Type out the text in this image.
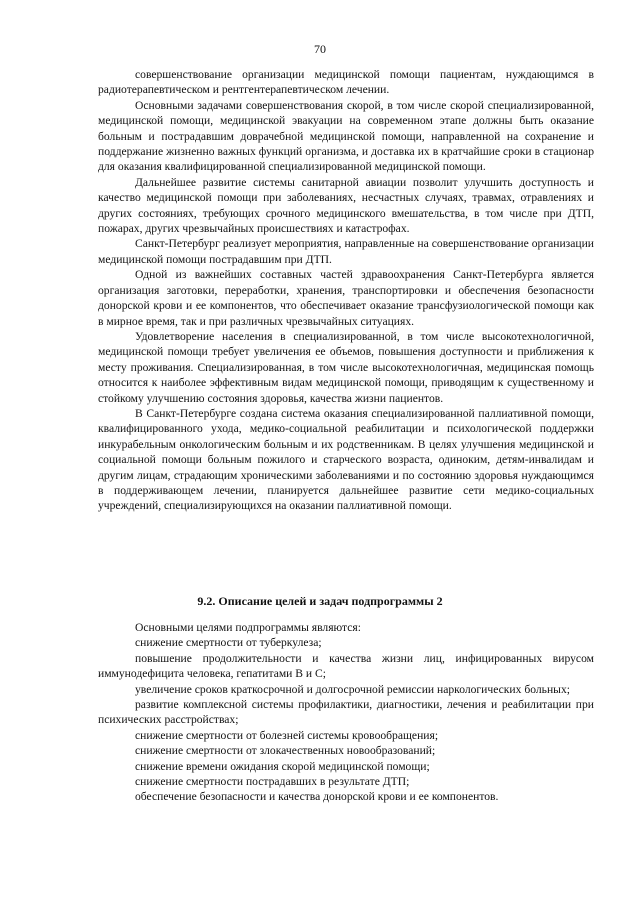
70

совершенствование организации медицинской помощи пациентам, нуждающимся в радиотерапевтическом и рентгентерапевтическом лечении.

Основными задачами совершенствования скорой, в том числе скорой специализированной, медицинской помощи, медицинской эвакуации на современном этапе должны быть оказание больным и пострадавшим доврачебной медицинской помощи, направленной на сохранение и поддержание жизненно важных функций организма, и доставка их в кратчайшие сроки в стационар для оказания квалифицированной специализированной медицинской помощи.

Дальнейшее развитие системы санитарной авиации позволит улучшить доступность и качество медицинской помощи при заболеваниях, несчастных случаях, травмах, отравлениях и других состояниях, требующих срочного медицинского вмешательства, в том числе при ДТП, пожарах, других чрезвычайных происшествиях и катастрофах.

Санкт-Петербург реализует мероприятия, направленные на совершенствование организации медицинской помощи пострадавшим при ДТП.

Одной из важнейших составных частей здравоохранения Санкт-Петербурга является организация заготовки, переработки, хранения, транспортировки и обеспечения безопасности донорской крови и ее компонентов, что обеспечивает оказание трансфузиологической помощи как в мирное время, так и при различных чрезвычайных ситуациях.

Удовлетворение населения в специализированной, в том числе высокотехнологичной, медицинской помощи требует увеличения ее объемов, повышения доступности и приближения к месту проживания. Специализированная, в том числе высокотехнологичная, медицинская помощь относится к наиболее эффективным видам медицинской помощи, приводящим к существенному и стойкому улучшению состояния здоровья, качества жизни пациентов.

В Санкт-Петербурге создана система оказания специализированной паллиативной помощи, квалифицированного ухода, медико-социальной реабилитации и психологической поддержки инкурабельным онкологическим больным и их родственникам. В целях улучшения медицинской и социальной помощи больным пожилого и старческого возраста, одиноким, детям-инвалидам и другим лицам, страдающим хроническими заболеваниями и по состоянию здоровья нуждающимся в поддерживающем лечении, планируется дальнейшее развитие сети медико-социальных учреждений, специализирующихся на оказании паллиативной помощи.

9.2. Описание целей и задач подпрограммы 2

Основными целями подпрограммы являются:

снижение смертности от туберкулеза;

повышение продолжительности и качества жизни лиц, инфицированных вирусом иммунодефицита человека, гепатитами В и С;

увеличение сроков краткосрочной и долгосрочной ремиссии наркологических больных;

развитие комплексной системы профилактики, диагностики, лечения и реабилитации при психических расстройствах;

снижение смертности от болезней системы кровообращения;

снижение смертности от злокачественных новообразований;

снижение времени ожидания скорой медицинской помощи;

снижение смертности пострадавших в результате ДТП;

обеспечение безопасности и качества донорской крови и ее компонентов.
